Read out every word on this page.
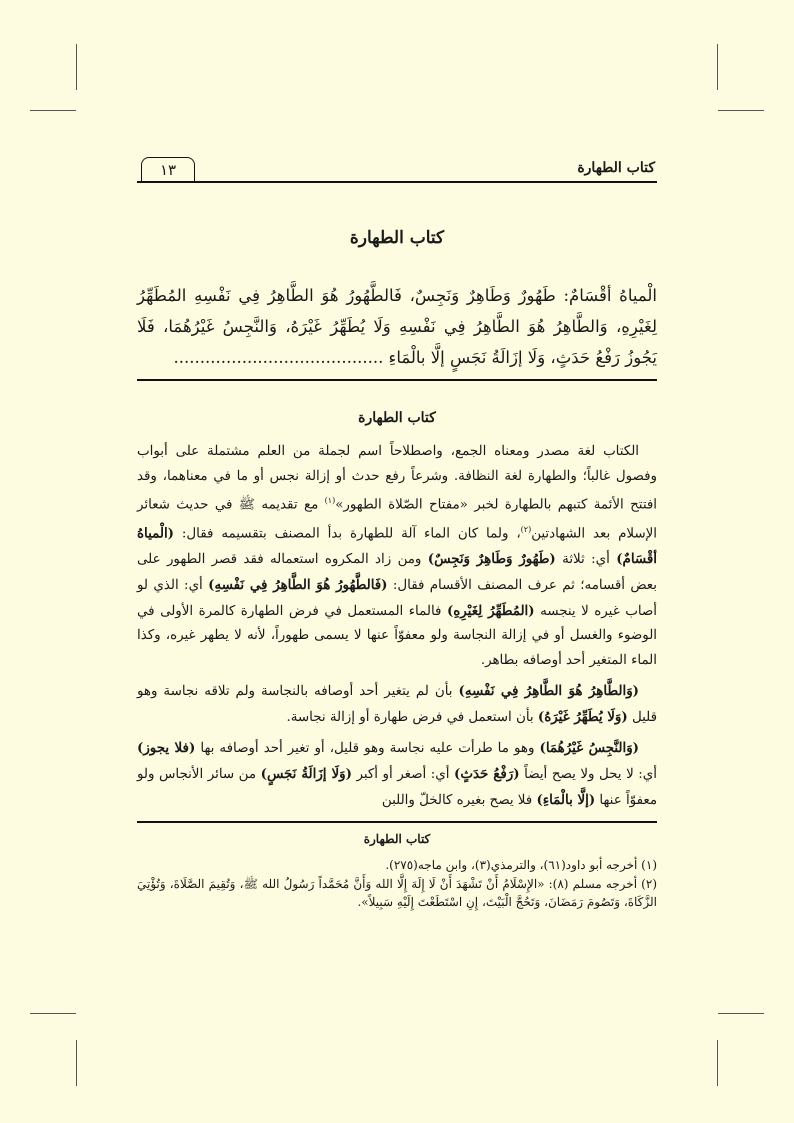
١٣	كتاب الطهارة
كتاب الطهارة
الْمياهُ أقْسَامٌ: طَهُورٌ وَطَاهِرٌ وَنَجِسٌ، فَالطَّهُورُ هُوَ الطَّاهِرُ فِي نَفْسِهِ المُطَهِّرُ لِغَيْرِهِ، وَالطَّاهِرُ هُوَ الطَّاهِرُ فِي نَفْسِهِ وَلَا يُطَهِّرُ غَيْرَهُ، وَالنَّجِسُ غَيْرُهُمَا، فَلَا يَجُوزُ رَفْعُ حَدَثٍ، وَلَا إزَالَةُ نَجَسٍ إلَّا بالْمَاءِ ........................................
كتاب الطهارة

الكتاب لغة مصدر ومعناه الجمع، واصطلاحاً اسم لجملة من العلم مشتملة على أبواب وفصول غالباً؛ والطهارة لغة النظافة. وشرعاً رفع حدث أو إزالة نجس أو ما في معناهما، وقد افتتح الأئمة كتبهم بالطهارة لخبر «مفتاح الصّلاة الطهور»$^{(١)}$ مع تقديمه ﷺ في حديث شعائر الإسلام بعد الشهادتين$^{(٢)}$، ولما كان الماء آلة للطهارة بدأ المصنف بتقسيمه فقال: (الْمياهُ أقْسَامٌ) أي: ثلاثة (طَهُورٌ وَطَاهِرٌ وَنَجِسٌ) ومن زاد المكروه استعماله فقد قصر الطهور على بعض أقسامه؛ ثم عرف المصنف الأقسام فقال: (فَالطَّهُورُ هُوَ الطَّاهِرُ فِي نَفْسِهِ) أي: الذي لو أصاب غيره لا ينجسه (المُطَهِّرُ لِغَيْرِهِ) فالماء المستعمل في فرض الطهارة كالمرة الأولى في الوضوء والغسل أو في إزالة النجاسة ولو معفوّاً عنها لا يسمى طهوراً، لأنه لا يطهر غيره، وكذا الماء المتغير أحد أوصافه بطاهر.

(وَالطَّاهِرُ هُوَ الطَّاهِرُ فِي نَفْسِهِ) بأن لم يتغير أحد أوصافه بالنجاسة ولم تلاقه نجاسة وهو قليل (وَلَا يُطَهِّرُ غَيْرَهُ) بأن استعمل في فرض طهارة أو إزالة نجاسة.

(وَالنَّجِسُ غَيْرُهُمَا) وهو ما طرأت عليه نجاسة وهو قليل، أو تغير أحد أوصافه بها (فلا يجوز) أي: لا يحل ولا يصح أيضاً (رَفْعُ حَدَثٍ) أي: أصغر أو أكبر (وَلَا إزَالَةُ نَجَسٍ) من سائر الأنجاس ولو معفوّاً عنها (إلَّا بالْمَاءِ) فلا يصح بغيره كالخلّ واللبن

كتاب الطهارة
(١) أخرجه أبو داود(٦١)، والترمذي(٣)، وابن ماجه(٢٧٥).
(٢) أخرجه مسلم (٨): «الإِسْلَامُ أَنْ تَشْهَدَ أَنْ لَا إِلَهَ إِلَّا الله وَأَنَّ مُحَمَّداً رَسُولُ الله ﷺ، وَتُقِيمَ الصَّلَاةَ، وَتُؤْتِيَ الزَّكَاةَ، وَتَصُومَ رَمَضَانَ، وَتَحُجَّ الْبَيْتَ، إِنِ اسْتَطَعْتَ إِلَيْهِ سَبِيلاً».
